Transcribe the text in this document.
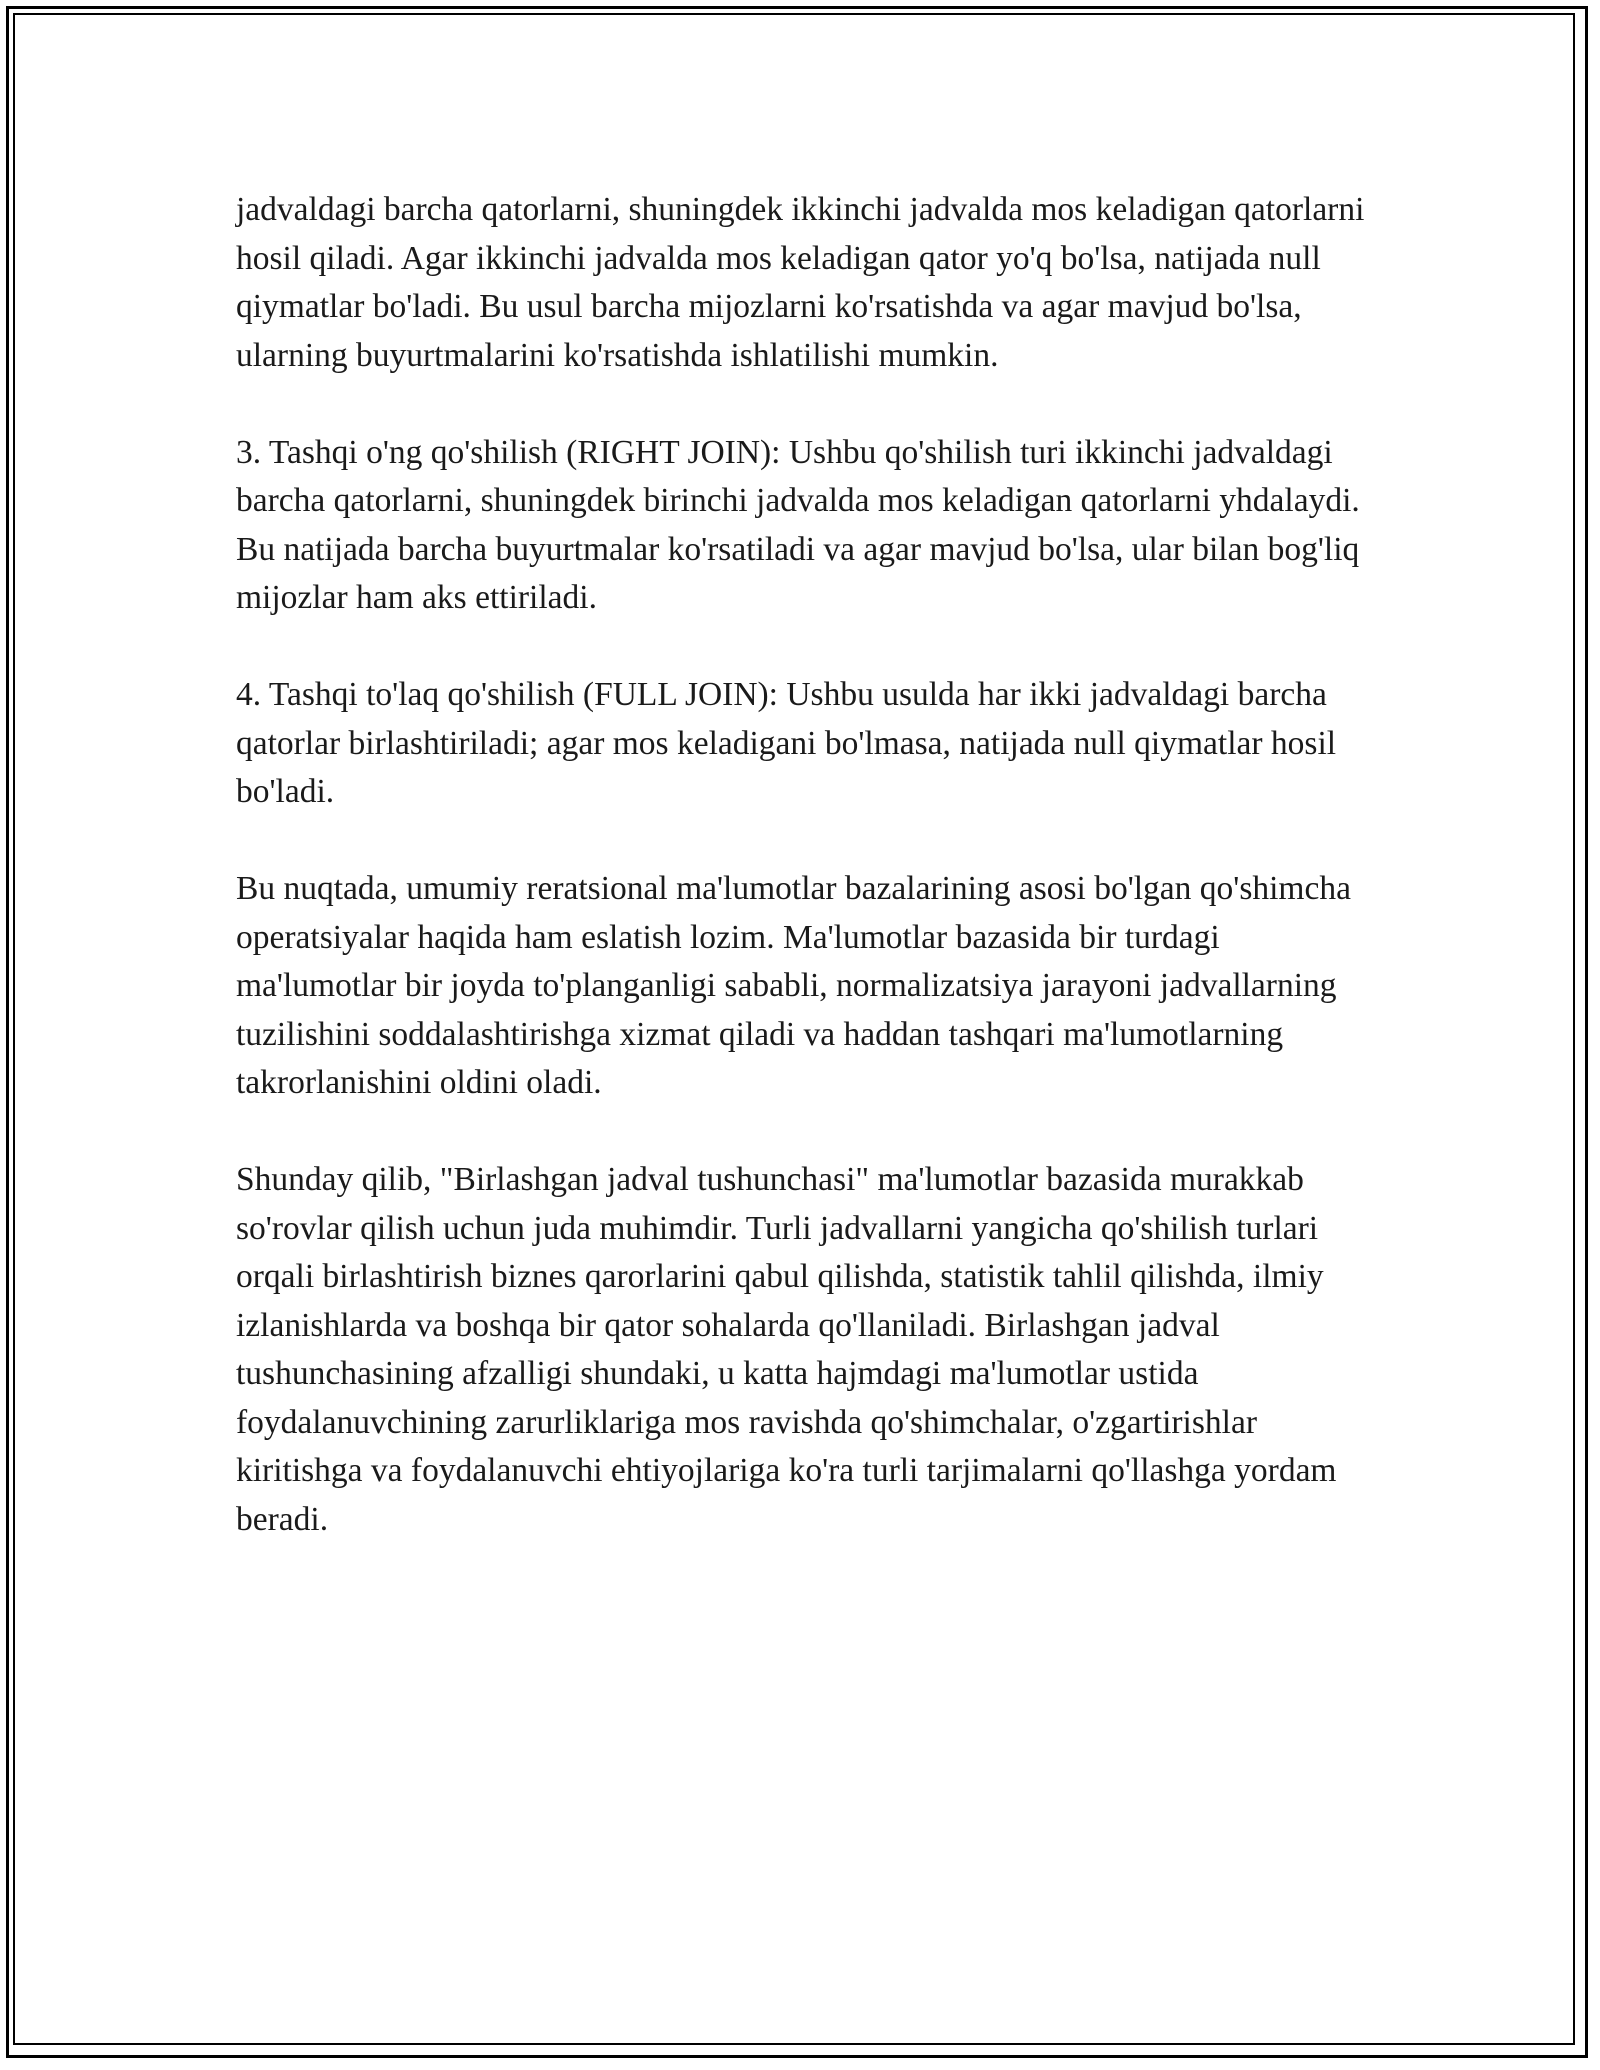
jadvaldagi barcha qatorlarni, shuningdek ikkinchi jadvalda mos keladigan qatorlarni hosil qiladi. Agar ikkinchi jadvalda mos keladigan qator yo'q bo'lsa, natijada null qiymatlar bo'ladi. Bu usul barcha mijozlarni ko'rsatishda va agar mavjud bo'lsa, ularning buyurtmalarini ko'rsatishda ishlatilishi mumkin.

3. Tashqi o'ng qo'shilish (RIGHT JOIN): Ushbu qo'shilish turi ikkinchi jadvaldagi barcha qatorlarni, shuningdek birinchi jadvalda mos keladigan qatorlarni yhdalaydi. Bu natijada barcha buyurtmalar ko'rsatiladi va agar mavjud bo'lsa, ular bilan bog'liq mijozlar ham aks ettiriladi.

4. Tashqi to'laq qo'shilish (FULL JOIN): Ushbu usulda har ikki jadvaldagi barcha qatorlar birlashtiriladi; agar mos keladigani bo'lmasa, natijada null qiymatlar hosil bo'ladi.

Bu nuqtada, umumiy reratsional ma'lumotlar bazalarining asosi bo'lgan qo'shimcha operatsiyalar haqida ham eslatish lozim. Ma'lumotlar bazasida bir turdagi ma'lumotlar bir joyda to'planganligi sababli, normalizatsiya jarayoni jadvallarning tuzilishini soddalashtirishga xizmat qiladi va haddan tashqari ma'lumotlarning takrorlanishini oldini oladi.

Shunday qilib, "Birlashgan jadval tushunchasi" ma'lumotlar bazasida murakkab so'rovlar qilish uchun juda muhimdir. Turli jadvallarni yangicha qo'shilish turlari orqali birlashtirish biznes qarorlarini qabul qilishda, statistik tahlil qilishda, ilmiy izlanishlarda va boshqa bir qator sohalarda qo'llaniladi. Birlashgan jadval tushunchasining afzalligi shundaki, u katta hajmdagi ma'lumotlar ustida foydalanuvchining zarurliklariga mos ravishda qo'shimchalar, o'zgartirishlar kiritishga va foydalanuvchi ehtiyojlariga ko'ra turli tarjimalarni qo'llashga yordam beradi.
